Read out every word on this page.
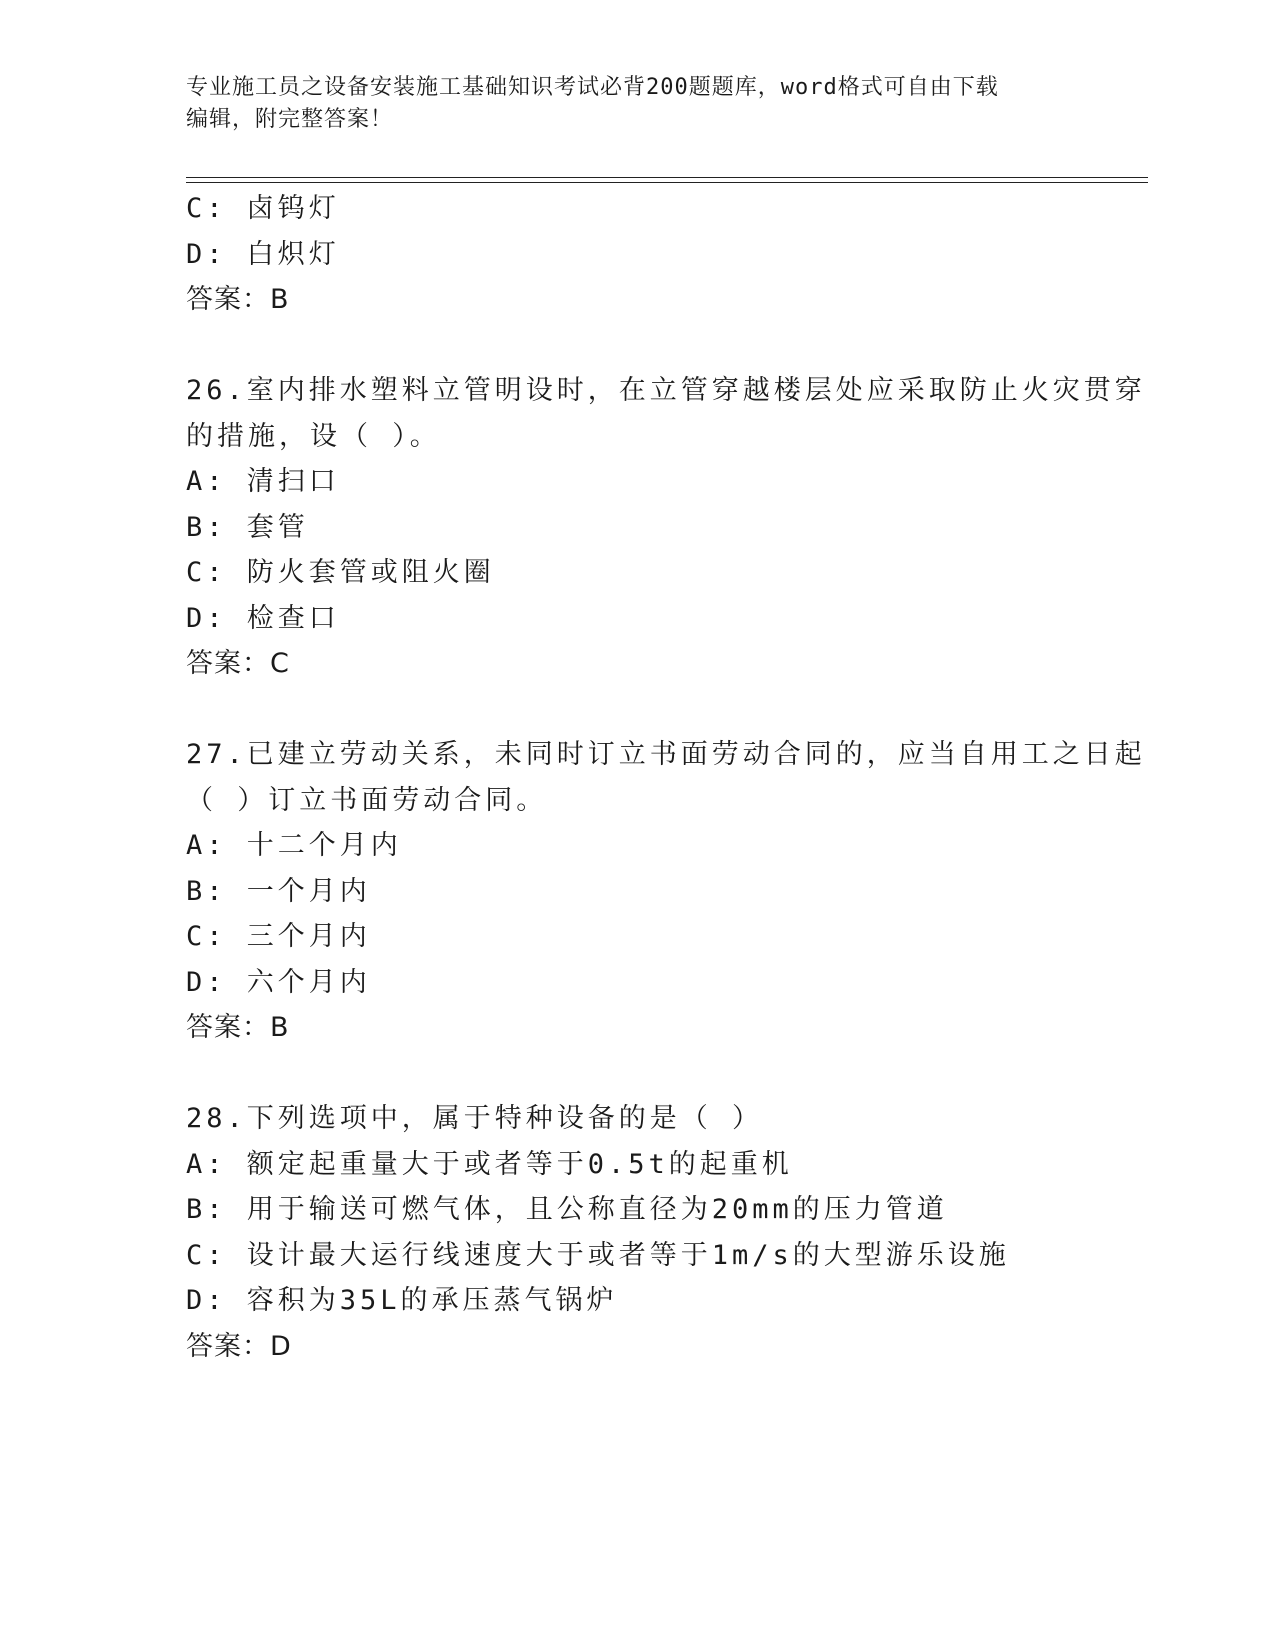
专业施工员之设备安装施工基础知识考试必背200题题库，word格式可自由下载
编辑，附完整答案！
C: 卤钨灯
D: 白炽灯
答案：B
26.室内排水塑料立管明设时，在立管穿越楼层处应采取防止火灾贯穿
的措施，设（ ）。
A: 清扫口
B: 套管
C: 防火套管或阻火圈
D: 检查口
答案：C
27.已建立劳动关系，未同时订立书面劳动合同的，应当自用工之日起
（ ）订立书面劳动合同。
A: 十二个月内
B: 一个月内
C: 三个月内
D: 六个月内
答案：B
28.下列选项中，属于特种设备的是（ ）
A: 额定起重量大于或者等于0.5t的起重机
B: 用于输送可燃气体，且公称直径为20mm的压力管道
C: 设计最大运行线速度大于或者等于1m/s的大型游乐设施
D: 容积为35L的承压蒸气锅炉
答案：D
